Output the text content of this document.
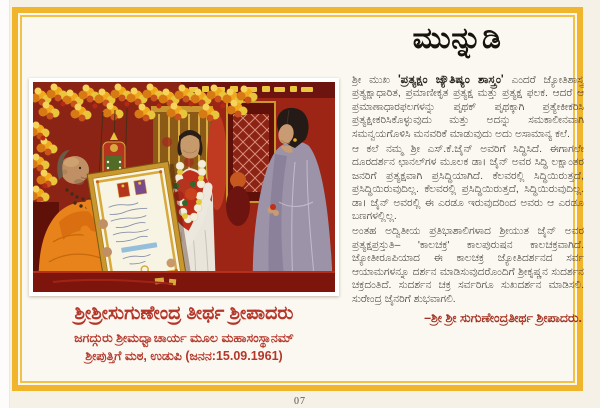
ಮುನ್ನುಡಿ
ಶ್ರೀಶ್ರೀಸುಗುಣೇಂದ್ರ ತೀರ್ಥ ಶ್ರೀಪಾದರು
ಜಗದ್ಗುರು ಶ್ರೀಮಧ್ವಾಚಾರ್ಯ ಮೂಲ ಮಹಾಸಂಸ್ಥಾನಮ್
ಶ್ರೀಪುತ್ತಿಗೆ ಮಠ, ಉಡುಪಿ (ಜನನ:15.09.1961)

ಶ್ರೀ ಮುಖ 'ಪ್ರತ್ಯಕ್ಷಂ ಜ್ಯೌತಿಷ್ಯಂ ಶಾಸ್ತ್ರಂ' ಎಂದರೆ ಜ್ಯೋತಿಶಾಸ್ತ್ರ ಪ್ರತ್ಯಕ್ಷಾಧಾರಿತ, ಪ್ರಮಾಣೀಕೃತ ಪ್ರತ್ಯಕ್ಷ ಮತ್ತು ಪ್ರತ್ಯಕ್ಷ ಫಲಕ. ಆದರೆ ಆ ಪ್ರಮಾಣಾಧಾರಫಲಗಳನ್ನು ಪೃಥಕ್ ಪೃಥಕ್ಕಾಗಿ ಪ್ರತ್ಯೇಕೀಕರಿಸಿ ಪ್ರತ್ಯಕ್ಷೀಕರಿಸಿಕೊಳ್ಳುವುದು ಮತ್ತು ಅದನ್ನು ಸಮಕಾಲೀನವಾಗಿ ಸಮನ್ವಯಗೊಳಿಸಿ ಮನವರಿಕೆ ಮಾಡುವುದು ಅದು ಅಸಾಮಾನ್ಯ ಕಲೆ.

ಆ ಕಲೆ ನಮ್ಮ ಶ್ರೀ ಎಸ್.ಕೆ.ಜೈನ್ ಅವರಿಗೆ ಸಿದ್ಧಿಸಿದೆ. ಈಗಾಗಲೇ ದೂರದರ್ಶನ ಛಾನಲ್‌ಗಳ ಮೂಲಕ ಡಾ। ಜೈನ್ ಅವರ ಸಿದ್ಧಿ ಲಕ್ಷಾಂತರ ಜನರಿಗೆ ಪ್ರತ್ಯಕ್ಷವಾಗಿ ಪ್ರಸಿದ್ಧಿಯಾಗಿದೆ. ಕೆಲವರಲ್ಲಿ ಸಿದ್ಧಿಯಿರುತ್ತದೆ, ಪ್ರಸಿದ್ಧಿಯಿರುವುದಿಲ್ಲ. ಕೆಲವರಲ್ಲಿ ಪ್ರಸಿದ್ಧಿಯಿರುತ್ತದೆ, ಸಿದ್ಧಿಯಿರುವುದಿಲ್ಲ. ಡಾ। ಜೈನ್ ಅವರಲ್ಲಿ ಈ ಎರಡೂ ಇರುವುದರಿಂದ ಅವರು ಆ ಎರಡೂ ಬಣಗಳಲ್ಲಿಲ್ಲ.

ಅಂತಹ ಅದ್ವಿತೀಯ ಪ್ರತಿಭಾಶಾಲಿಗಳಾದ ಶ್ರೀಯುತ ಜೈನ್ ಅವರ ಪ್ರತ್ಯಕ್ಷಪ್ರಸ್ತುತಿ– 'ಕಾಲಚಕ್ರ' ಕಾಲಪುರುಷನ ಕಾಲಚಕ್ರವಾಗಿದೆ. ಜ್ಯೋತೀರೂಪಿಯಾದ ಈ ಕಾಲಚಕ್ರ ಜ್ಯೋತಿದರ್ಶನದ ಸರ್ವ ಆಯಾಮಗಳನ್ನೂ ದರ್ಶನ ಮಾಡಿಸುವುದರೊಂದಿಗೆ ಶ್ರೀಕೃಷ್ಣನ ಸುದರ್ಶನ ಚಕ್ರದಂತಿದೆ. ಸುದರ್ಶನ ಚಕ್ರ ಸರ್ವರಿಗೂ ಸುಖದರ್ಶನ ಮಾಡಿಸಲಿ. ಸುರೇಂದ್ರ ಜೈನರಿಗೆ ಶುಭವಾಗಲಿ.

–ಶ್ರೀ ಶ್ರೀ ಸುಗುಣೇಂದ್ರತೀರ್ಥ ಶ್ರೀಪಾದರು.
07
